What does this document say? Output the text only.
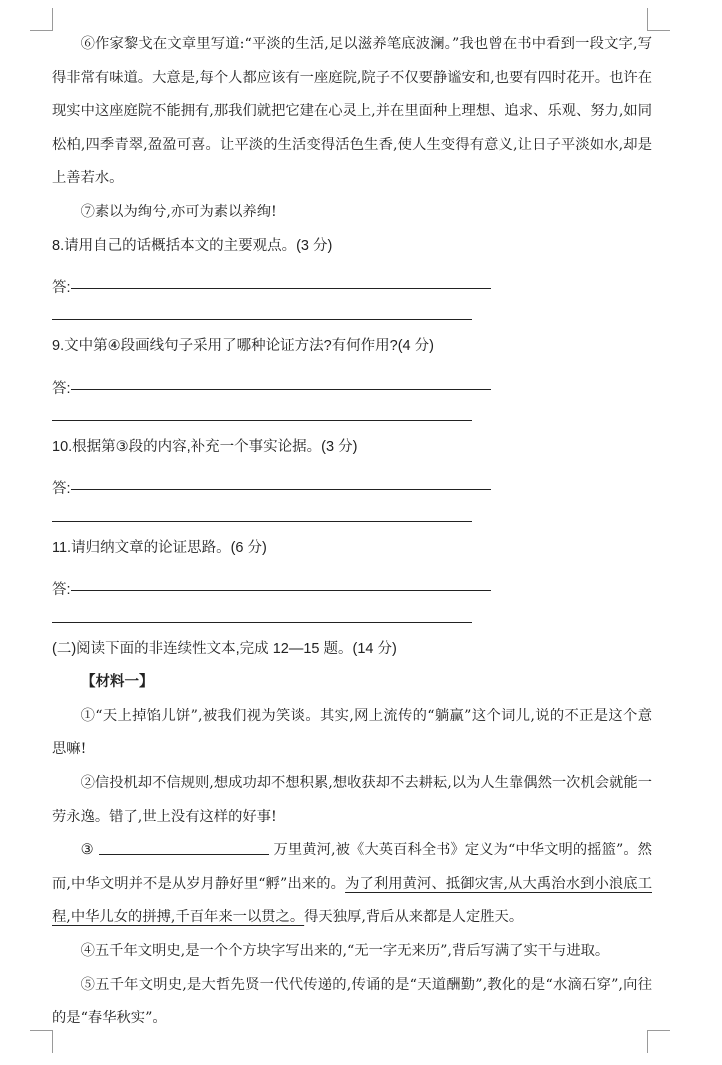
⑥作家黎戈在文章里写道:“平淡的生活,足以滋养笔底波澜。”我也曾在书中看到一段文字,写得非常有味道。大意是,每个人都应该有一座庭院,院子不仅要静谧安和,也要有四时花开。也许在现实中这座庭院不能拥有,那我们就把它建在心灵上,并在里面种上理想、追求、乐观、努力,如同松柏,四季青翠,盈盈可喜。让平淡的生活变得活色生香,使人生变得有意义,让日子平淡如水,却是上善若水。

⑦素以为绚兮,亦可为素以养绚!

8.请用自己的话概括本文的主要观点。(3 分)

答:

9.文中第④段画线句子采用了哪种论证方法?有何作用?(4 分)

答:

10.根据第③段的内容,补充一个事实论据。(3 分)

答:

11.请归纳文章的论证思路。(6 分)

答:

(二)阅读下面的非连续性文本,完成 12—15 题。(14 分)

【材料一】

①“天上掉馅儿饼”,被我们视为笑谈。其实,网上流传的“躺赢”这个词儿,说的不正是这个意思嘛!

②信投机却不信规则,想成功却不想积累,想收获却不去耕耘,以为人生靠偶然一次机会就能一劳永逸。错了,世上没有这样的好事!

③	万里黄河,被《大英百科全书》定义为“中华文明的摇篮”。然而,中华文明并不是从岁月静好里“孵”出来的。为了利用黄河、抵御灾害,从大禹治水到小浪底工程,中华儿女的拼搏,千百年来一以贯之。得天独厚,背后从来都是人定胜天。

④五千年文明史,是一个个方块字写出来的,“无一字无来历”,背后写满了实干与进取。

⑤五千年文明史,是大哲先贤一代代传递的,传诵的是“天道酬勤”,教化的是“水滴石穿”,向往的是“春华秋实”。
